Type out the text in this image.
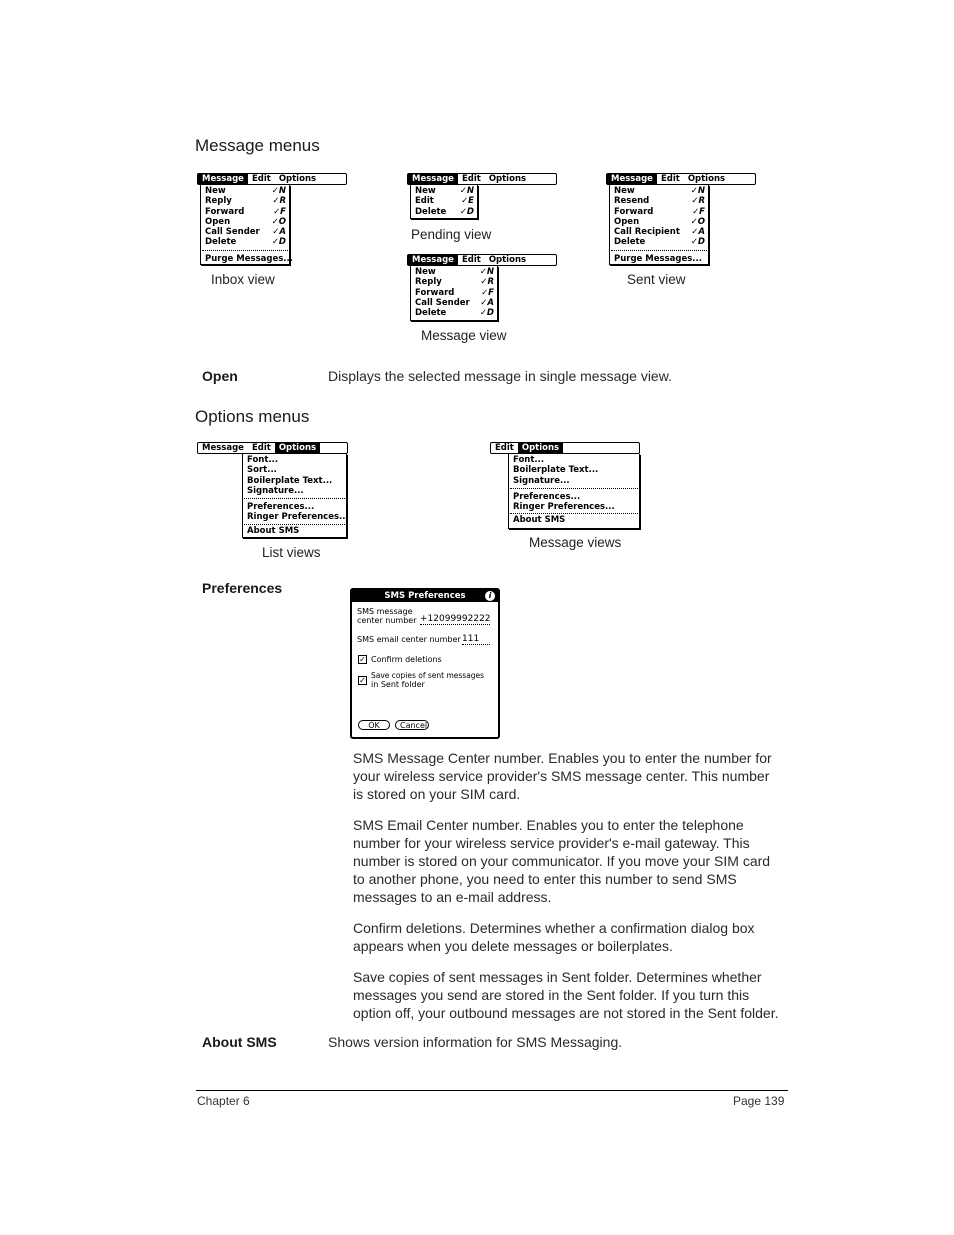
Message menus
Message Edit Options
New	✓N
Reply	✓R
Forward	✓F
Open	✓O
Call Sender ✓A
Delete	✓D
Purge Messages...
Inbox view
Message Edit Options
New	✓N
Edit	✓E
Delete ✓D
Pending view
Message Edit Options
New	✓N
Reply	✓R
Forward	✓F
Call Sender ✓A
Delete	✓D
Message view
Message Edit Options
New	✓N
Resend	✓R
Forward	✓F
Open	✓O
Call Recipient ✓A
Delete	✓D
Purge Messages...
Sent view
Open	Displays the selected message in single message view.
Options menus
Message Edit Options
Font...
Sort...
Boilerplate Text...
Signature...
Preferences...
Ringer Preferences...
About SMS
List views
Edit Options
Font...
Boilerplate Text...
Signature...
Preferences...
Ringer Preferences...
About SMS
Message views
Preferences	SMS Preferences	i
SMS message
center number +12099992222
SMS email center number 111
✓ Confirm deletions
✓
Save copies of sent messages
in Sent folder
OK	Cancel
SMS Message Center number. Enables you to enter the number for your wireless service provider's SMS message center. This number is stored on your SIM card.
SMS Email Center number. Enables you to enter the telephone number for your wireless service provider's e-mail gateway. This number is stored on your communicator. If you move your SIM card to another phone, you need to enter this number to send SMS messages to an e-mail address.
Confirm deletions. Determines whether a confirmation dialog box appears when you delete messages or boilerplates.
Save copies of sent messages in Sent folder. Determines whether messages you send are stored in the Sent folder. If you turn this option off, your outbound messages are not stored in the Sent folder.
About SMS	Shows version information for SMS Messaging.
Chapter 6	Page 139
